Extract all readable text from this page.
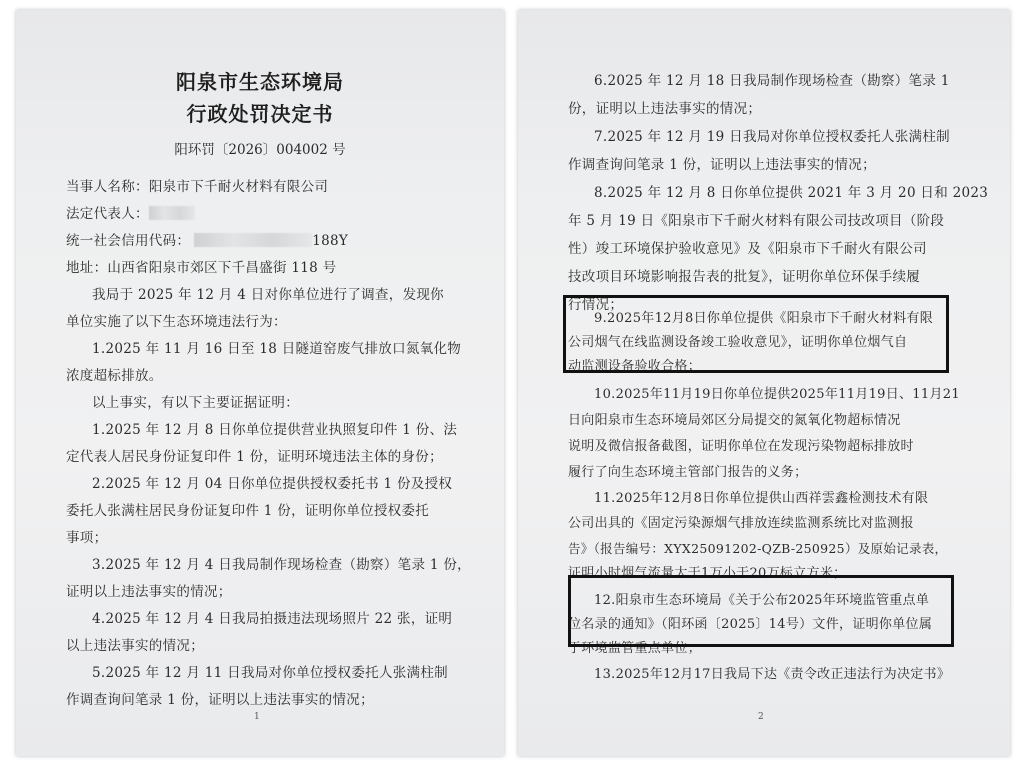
阳泉市生态环境局
行政处罚决定书
阳环罚〔2026〕004002 号
当事人名称：阳泉市下千耐火材料有限公司
法定代表人：
统一社会信用代码：	188Y
地址：山西省阳泉市郊区下千昌盛街 118 号
我局于 2025 年 12 月 4 日对你单位进行了调查，发现你
单位实施了以下生态环境违法行为：
1.2025 年 11 月 16 日至 18 日隧道窑废气排放口氮氧化物
浓度超标排放。
以上事实，有以下主要证据证明：
1.2025 年 12 月 8 日你单位提供营业执照复印件 1 份、法
定代表人居民身份证复印件 1 份，证明环境违法主体的身份；
2.2025 年 12 月 04 日你单位提供授权委托书 1 份及授权
委托人张满柱居民身份证复印件 1 份，证明你单位授权委托
事项；
3.2025 年 12 月 4 日我局制作现场检查（勘察）笔录 1 份，
证明以上违法事实的情况；
4.2025 年 12 月 4 日我局拍摄违法现场照片 22 张，证明
以上违法事实的情况；
5.2025 年 12 月 11 日我局对你单位授权委托人张满柱制
作调查询问笔录 1 份，证明以上违法事实的情况；
1
6.2025 年 12 月 18 日我局制作现场检查（勘察）笔录 1
份，证明以上违法事实的情况；
7.2025 年 12 月 19 日我局对你单位授权委托人张满柱制
作调查询问笔录 1 份，证明以上违法事实的情况；
8.2025 年 12 月 8 日你单位提供 2021 年 3 月 20 日和 2023
年 5 月 19 日《阳泉市下千耐火材料有限公司技改项目（阶段
性）竣工环境保护验收意见》及《阳泉市下千耐火有限公司
技改项目环境影响报告表的批复》，证明你单位环保手续履
行情况；
9.2025年12月8日你单位提供《阳泉市下千耐火材料有限
公司烟气在线监测设备竣工验收意见》，证明你单位烟气自
动监测设备验收合格；
10.2025年11月19日你单位提供2025年11月19日、11月21
日向阳泉市生态环境局郊区分局提交的氮氧化物超标情况
说明及微信报备截图，证明你单位在发现污染物超标排放时
履行了向生态环境主管部门报告的义务；
11.2025年12月8日你单位提供山西祥雲鑫检测技术有限
公司出具的《固定污染源烟气排放连续监测系统比对监测报
告》（报告编号：XYX25091202-QZB-250925）及原始记录表，
证明小时烟气流量大于1万小于20万标立方米；
12.阳泉市生态环境局《关于公布2025年环境监管重点单
位名录的通知》（阳环函〔2025〕14号）文件，证明你单位属
于环境监管重点单位；
13.2025年12月17日我局下达《责令改正违法行为决定书》
2
